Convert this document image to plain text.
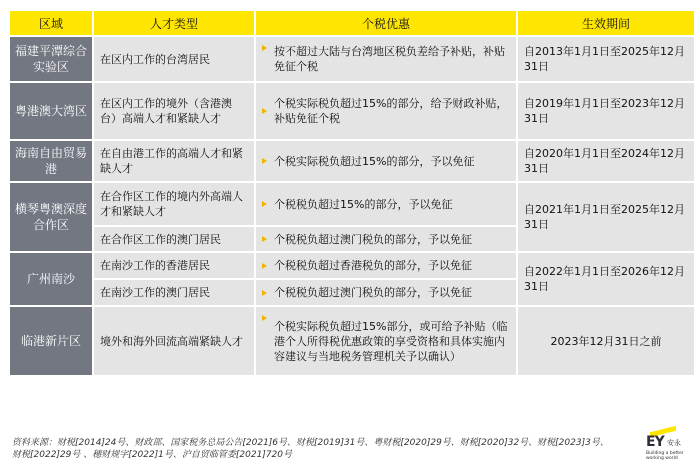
区域	人才类型	个税优惠	生效期间
福建平潭综合实验区	在区内工作的台湾居民	按不超过大陆与台湾地区税负差给予补贴，补贴免征个税	自2013年1月1日至2025年12月31日
粤港澳大湾区	在区内工作的境外（含港澳台）高端人才和紧缺人才	个税实际税负超过15%的部分，给予财政补贴，补贴免征个税	自2019年1月1日至2023年12月31日
海南自由贸易港	在自由港工作的高端人才和紧缺人才	个税实际税负超过15%的部分，予以免征	自2020年1月1日至2024年12月31日
横琴粤澳深度合作区	在合作区工作的境内外高端人才和紧缺人才	个税税负超过15%的部分，予以免征	自2021年1月1日至2025年12月31日
	在合作区工作的澳门居民	个税税负超过澳门税负的部分，予以免征	
广州南沙	在南沙工作的香港居民	个税税负超过香港税负的部分，予以免征	自2022年1月1日至2026年12月31日
	在南沙工作的澳门居民	个税税负超过澳门税负的部分，予以免征	
临港新片区	境外和海外回流高端紧缺人才	个税实际税负超过15%部分，或可给予补贴（临港个人所得税优惠政策的享受资格和具体实施内容建议与当地税务管理机关予以确认）	2023年12月31日之前
资料来源：财税[2014]24号、财政部、国家税务总局公告[2021]6号、财税[2019]31号、粤财税[2020]29号、财税[2020]32号、财税[2023]3号、财税[2022]29号 、穗财规字[2022]1号、沪自贸临管委[2021]720号
EY 安永
Building a better working world
